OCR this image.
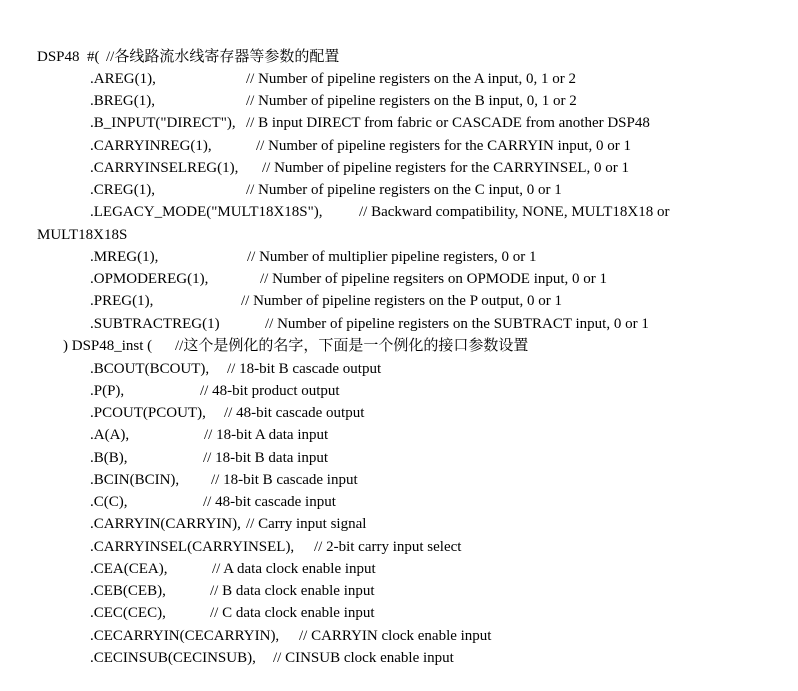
DSP48  #( //各线路流水线寄存器等参数的配置

.AREG(1),	// Number of pipeline registers on the A input, 0, 1 or 2

.BREG(1),	// Number of pipeline registers on the B input, 0, 1 or 2

.B_INPUT("DIRECT"), // B input DIRECT from fabric or CASCADE from another DSP48

.CARRYINREG(1),	// Number of pipeline registers for the CARRYIN input, 0 or 1

.CARRYINSELREG(1), // Number of pipeline registers for the CARRYINSEL, 0 or 1

.CREG(1),	// Number of pipeline registers on the C input, 0 or 1

.LEGACY_MODE("MULT18X18S"), // Backward compatibility, NONE, MULT18X18 or

MULT18X18S

.MREG(1),	// Number of multiplier pipeline registers, 0 or 1

.OPMODEREG(1),	// Number of pipeline regsiters on OPMODE input, 0 or 1

.PREG(1),	// Number of pipeline registers on the P output, 0 or 1

.SUBTRACTREG(1)	// Number of pipeline registers on the SUBTRACT input, 0 or 1

) DSP48_inst ( //这个是例化的名字，下面是一个例化的接口参数设置

.BCOUT(BCOUT), // 18-bit B cascade output

.P(P),	// 48-bit product output

.PCOUT(PCOUT), // 48-bit cascade output

.A(A),	// 18-bit A data input

.B(B),	// 18-bit B data input

.BCIN(BCIN), // 18-bit B cascade input

.C(C),	// 48-bit cascade input

.CARRYIN(CARRYIN), // Carry input signal

.CARRYINSEL(CARRYINSEL), // 2-bit carry input select

.CEA(CEA),	// A data clock enable input

.CEB(CEB),	// B data clock enable input

.CEC(CEC),	// C data clock enable input

.CECARRYIN(CECARRYIN), // CARRYIN clock enable input

.CECINSUB(CECINSUB), // CINSUB clock enable input
